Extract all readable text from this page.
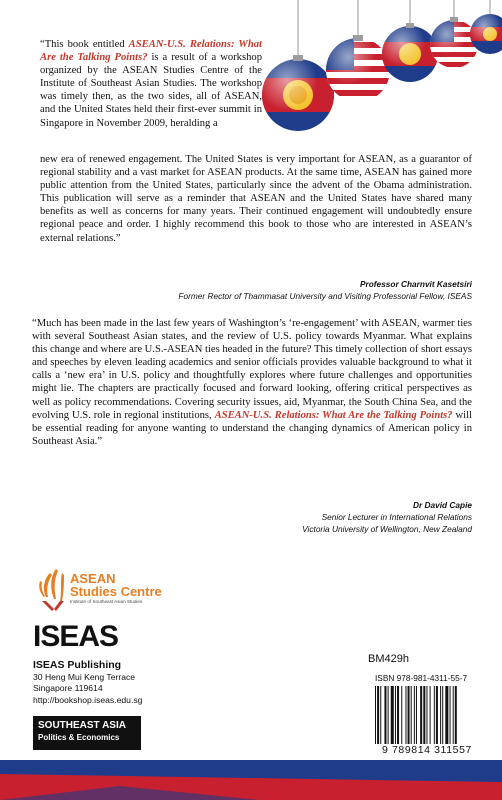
“This book entitled ASEAN-U.S. Relations: What Are the Talking Points? is a result of a workshop organized by the ASEAN Studies Centre of the Institute of Southeast Asian Studies. The workshop was timely then, as the two sides, all of ASEAN, and the United States held their first-ever summit in Singapore in November 2009, heralding a

new era of renewed engagement. The United States is very important for ASEAN, as a guarantor of regional stability and a vast market for ASEAN products. At the same time, ASEAN has gained more public attention from the United States, particularly since the advent of the Obama administration. This publication will serve as a reminder that ASEAN and the United States have shared many benefits as well as concerns for many years. Their continued engagement will undoubtedly ensure regional peace and order. I highly recommend this book to those who are interested in ASEAN’s external relations.”

Professor Charnvit Kasetsiri
Former Rector of Thammasat University and Visiting Professorial Fellow, ISEAS

“Much has been made in the last few years of Washington’s ‘re-engagement’ with ASEAN, warmer ties with several Southeast Asian states, and the review of U.S. policy towards Myanmar. What explains this change and where are U.S.-ASEAN ties headed in the future? This timely collection of short essays and speeches by eleven leading academics and senior officials provides valuable background to what it calls a ‘new era’ in U.S. policy and thoughtfully explores where future challenges and opportunities might lie. The chapters are practically focused and forward looking, offering critical perspectives as well as policy recommendations. Covering security issues, aid, Myanmar, the South China Sea, and the evolving U.S. role in regional institutions, ASEAN-U.S. Relations: What Are the Talking Points? will be essential reading for anyone wanting to understand the changing dynamics of American policy in Southeast Asia.”

Dr David Capie
Senior Lecturer in International Relations
Victoria University of Wellington, New Zealand
ASEAN
Studies Centre
Institute of Southeast Asian Studies
ISEAS
ISEAS Publishing
30 Heng Mui Keng Terrace
Singapore 119614
http://bookshop.iseas.edu.sg
SOUTHEAST ASIA
Politics & Economics
BM429h
ISBN 978-981-4311-55-7
9 789814 311557
